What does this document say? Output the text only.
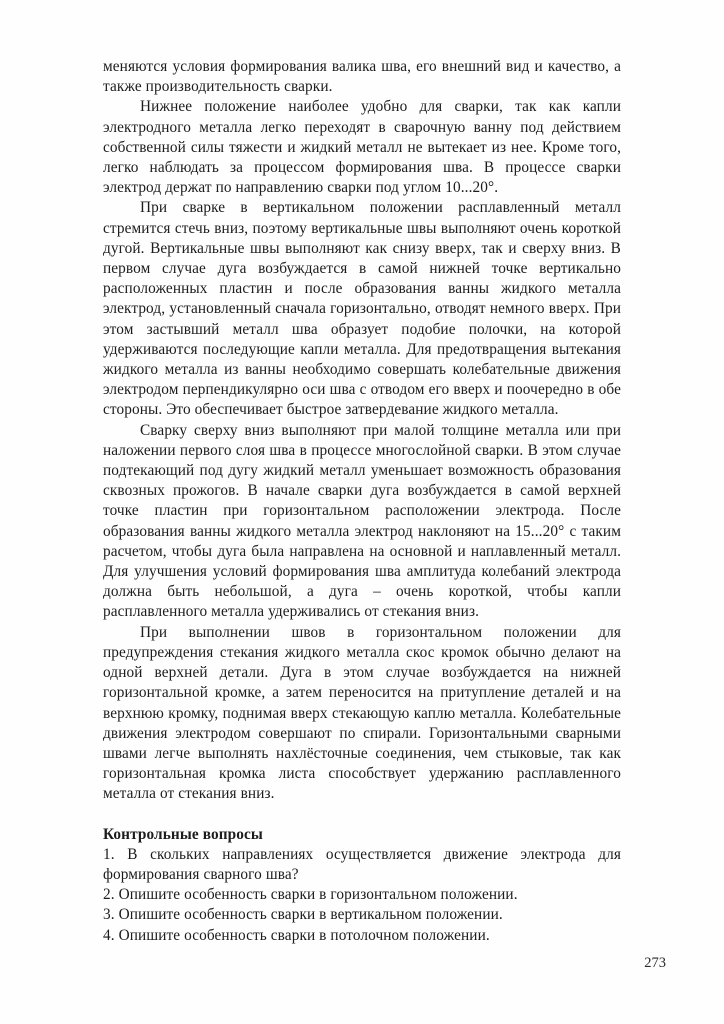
меняются условия формирования валика шва, его внешний вид и качество, а также производительность сварки.

Нижнее положение наиболее удобно для сварки, так как капли электродного металла легко переходят в сварочную ванну под действием собственной силы тяжести и жидкий металл не вытекает из нее. Кроме того, легко наблюдать за процессом формирования шва. В процессе сварки электрод держат по направлению сварки под углом 10...20°.

При сварке в вертикальном положении расплавленный металл стремится стечь вниз, поэтому вертикальные швы выполняют очень короткой дугой. Вертикальные швы выполняют как снизу вверх, так и сверху вниз. В первом случае дуга возбуждается в самой нижней точке вертикально расположенных пластин и после образования ванны жидкого металла электрод, установленный сначала горизонтально, отводят немного вверх. При этом застывший металл шва образует подобие полочки, на которой удерживаются последующие капли металла. Для предотвращения вытекания жидкого металла из ванны необходимо совершать колебательные движения электродом перпендикулярно оси шва с отводом его вверх и поочередно в обе стороны. Это обеспечивает быстрое затвердевание жидкого металла.

Сварку сверху вниз выполняют при малой толщине металла или при наложении первого слоя шва в процессе многослойной сварки. В этом случае подтекающий под дугу жидкий металл уменьшает возможность образования сквозных прожогов. В начале сварки дуга возбуждается в самой верхней точке пластин при горизонтальном расположении электрода. После образования ванны жидкого металла электрод наклоняют на 15...20° с таким расчетом, чтобы дуга была направлена на основной и наплавленный металл. Для улучшения условий формирования шва амплитуда колебаний электрода должна быть небольшой, а дуга – очень короткой, чтобы капли расплавленного металла удерживались от стекания вниз.

При выполнении швов в горизонтальном положении для предупреждения стекания жидкого металла скос кромок обычно делают на одной верхней детали. Дуга в этом случае возбуждается на нижней горизонтальной кромке, а затем переносится на притупление деталей и на верхнюю кромку, поднимая вверх стекающую каплю металла. Колебательные движения электродом совершают по спирали. Горизонтальными сварными швами легче выполнять нахлёсточные соединения, чем стыковые, так как горизонтальная кромка листа способствует удержанию расплавленного металла от стекания вниз.

Контрольные вопросы

1. В скольких направлениях осуществляется движение электрода для формирования сварного шва?

2. Опишите особенность сварки в горизонтальном положении.

3. Опишите особенность сварки в вертикальном положении.

4. Опишите особенность сварки в потолочном положении.

273
